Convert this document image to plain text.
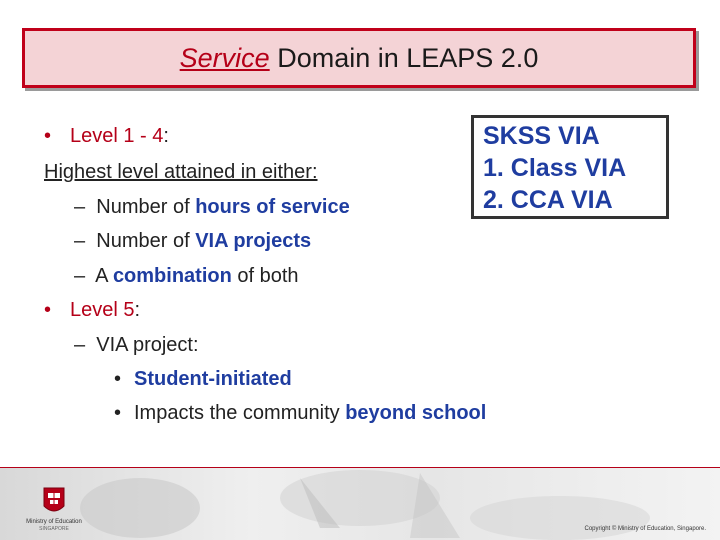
Service Domain in LEAPS 2.0
• Level 1 - 4:
Highest level attained in either:
– Number of hours of service
– Number of VIA projects
– A combination of both
• Level 5:
– VIA project:
• Student-initiated
• Impacts the community beyond school
SKSS VIA
1. Class VIA
2. CCA VIA
Ministry of Education
SINGAPORE	Copyright © Ministry of Education, Singapore.
